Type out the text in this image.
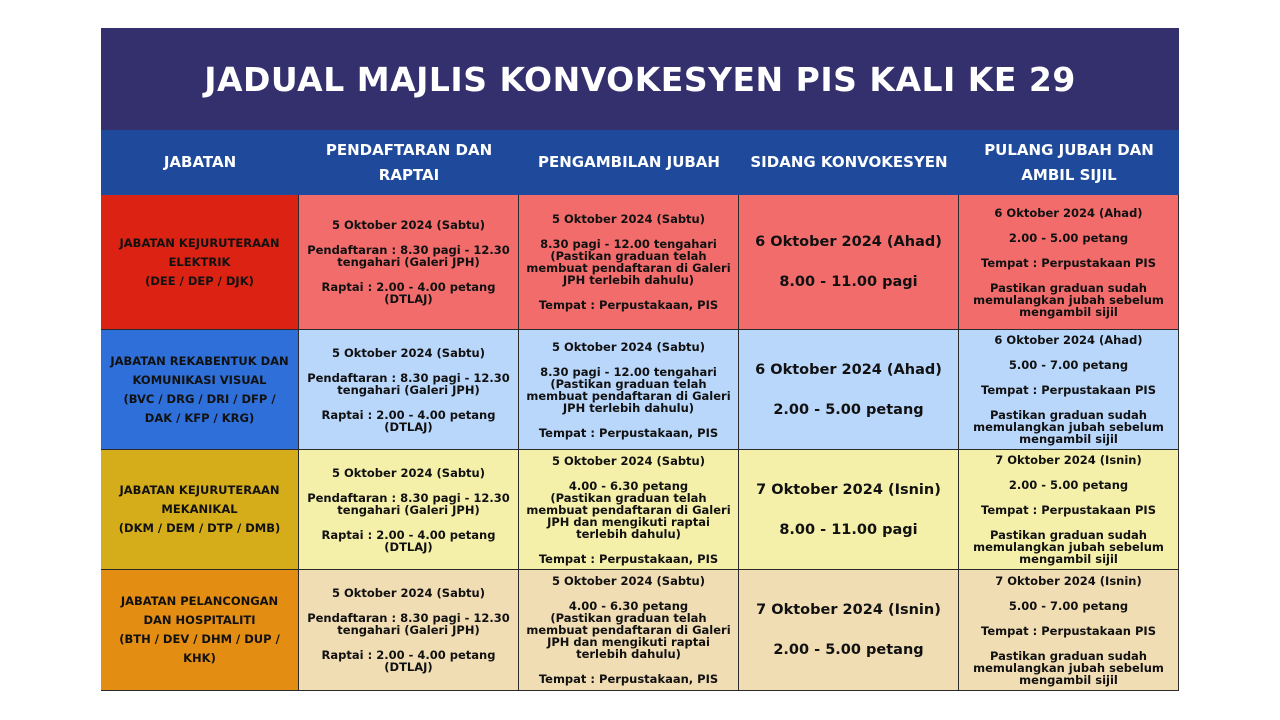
JADUAL MAJLIS KONVOKESYEN PIS KALI KE 29
JABATAN
PENDAFTARAN DAN RAPTAI
PENGAMBILAN JUBAH	SIDANG KONVOKESYEN
PULANG JUBAH DAN AMBIL SIJIL
JABATAN KEJURUTERAAN ELEKTRIK
(DEE / DEP / DJK)

5 Oktober 2024 (Sabtu)

Pendaftaran : 8.30 pagi - 12.30 tengahari (Galeri JPH)

Raptai : 2.00 - 4.00 petang (DTLAJ)

5 Oktober 2024 (Sabtu)

8.30 pagi - 12.00 tengahari

(Pastikan graduan telah membuat pendaftaran di Galeri JPH terlebih dahulu)

Tempat : Perpustakaan, PIS

6 Oktober 2024 (Ahad)

8.00 - 11.00 pagi

6 Oktober 2024 (Ahad)

2.00 - 5.00 petang

Tempat : Perpustakaan PIS

Pastikan graduan sudah memulangkan jubah sebelum mengambil sijil

JABATAN REKABENTUK DAN KOMUNIKASI VISUAL
(BVC / DRG / DRI / DFP / DAK / KFP / KRG)

5 Oktober 2024 (Sabtu)

Pendaftaran : 8.30 pagi - 12.30 tengahari (Galeri JPH)

Raptai : 2.00 - 4.00 petang (DTLAJ)

5 Oktober 2024 (Sabtu)

8.30 pagi - 12.00 tengahari

(Pastikan graduan telah membuat pendaftaran di Galeri JPH terlebih dahulu)

Tempat : Perpustakaan, PIS

6 Oktober 2024 (Ahad)

2.00 - 5.00 petang

6 Oktober 2024 (Ahad)

5.00 - 7.00 petang

Tempat : Perpustakaan PIS

Pastikan graduan sudah memulangkan jubah sebelum mengambil sijil

JABATAN KEJURUTERAAN MEKANIKAL
(DKM / DEM / DTP / DMB)

5 Oktober 2024 (Sabtu)

Pendaftaran : 8.30 pagi - 12.30 tengahari (Galeri JPH)

Raptai : 2.00 - 4.00 petang (DTLAJ)

5 Oktober 2024 (Sabtu)

4.00 - 6.30 petang

(Pastikan graduan telah membuat pendaftaran di Galeri JPH dan mengikuti raptai terlebih dahulu)

Tempat : Perpustakaan, PIS

7 Oktober 2024 (Isnin)

8.00 - 11.00 pagi

7 Oktober 2024 (Isnin)

2.00 - 5.00 petang

Tempat : Perpustakaan PIS

Pastikan graduan sudah memulangkan jubah sebelum mengambil sijil

JABATAN PELANCONGAN DAN HOSPITALITI
(BTH / DEV / DHM / DUP / KHK)

5 Oktober 2024 (Sabtu)

Pendaftaran : 8.30 pagi - 12.30 tengahari (Galeri JPH)

Raptai : 2.00 - 4.00 petang (DTLAJ)

5 Oktober 2024 (Sabtu)

4.00 - 6.30 petang

(Pastikan graduan telah membuat pendaftaran di Galeri JPH dan mengikuti raptai terlebih dahulu)

Tempat : Perpustakaan, PIS

7 Oktober 2024 (Isnin)

2.00 - 5.00 petang

7 Oktober 2024 (Isnin)

5.00 - 7.00 petang

Tempat : Perpustakaan PIS

Pastikan graduan sudah memulangkan jubah sebelum mengambil sijil
